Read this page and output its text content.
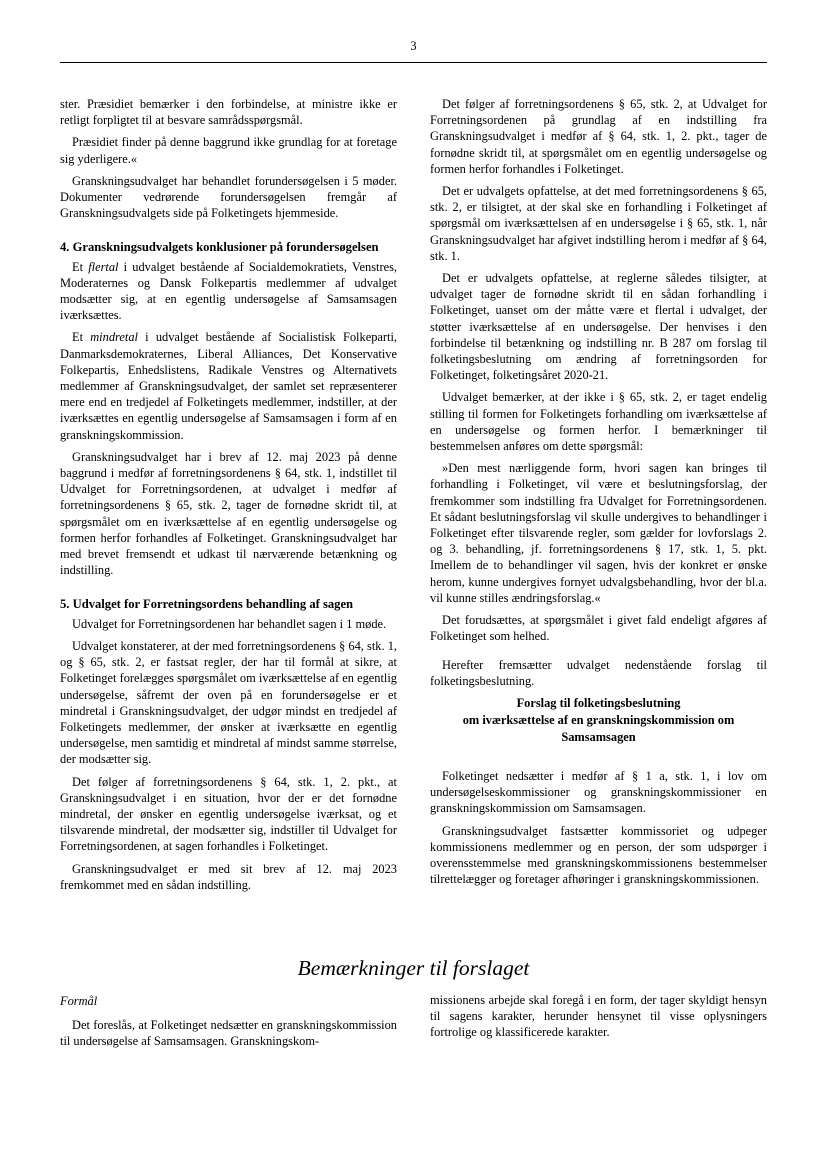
3

ster. Præsidiet bemærker i den forbindelse, at ministre ikke er retligt forpligtet til at besvare samrådsspørgsmål.

Præsidiet finder på denne baggrund ikke grundlag for at foretage sig yderligere.«

Granskningsudvalget har behandlet forundersøgelsen i 5 møder. Dokumenter vedrørende forundersøgelsen fremgår af Granskningsudvalgets side på Folketingets hjemmeside.

4. Granskningsudvalgets konklusioner på forundersøgelsen

Et flertal i udvalget bestående af Socialdemokratiets, Venstres, Moderaternes og Dansk Folkepartis medlemmer af udvalget modsætter sig, at en egentlig undersøgelse af Samsamsagen iværksættes.

Et mindretal i udvalget bestående af Socialistisk Folkeparti, Danmarksdemokraternes, Liberal Alliances, Det Konservative Folkepartis, Enhedslistens, Radikale Venstres og Alternativets medlemmer af Granskningsudvalget, der samlet set repræsenterer mere end en tredjedel af Folketingets medlemmer, indstiller, at der iværksættes en egentlig undersøgelse af Samsamsagen i form af en granskningskommission.

Granskningsudvalget har i brev af 12. maj 2023 på denne baggrund i medfør af forretningsordenens § 64, stk. 1, indstillet til Udvalget for Forretningsordenen, at udvalget i medfør af forretningsordenens § 65, stk. 2, tager de fornødne skridt til, at spørgsmålet om en iværksættelse af en egentlig undersøgelse og formen herfor forhandles af Folketinget. Granskningsudvalget har med brevet fremsendt et udkast til nærværende betænkning og indstilling.

5. Udvalget for Forretningsordens behandling af sagen

Udvalget for Forretningsordenen har behandlet sagen i 1 møde.

Udvalget konstaterer, at der med forretningsordenens § 64, stk. 1, og § 65, stk. 2, er fastsat regler, der har til formål at sikre, at Folketinget forelægges spørgsmålet om iværksættelse af en egentlig undersøgelse, såfremt der oven på en forundersøgelse er et mindretal i Granskningsudvalget, der udgør mindst en tredjedel af Folketingets medlemmer, der ønsker at iværksætte en egentlig undersøgelse, men samtidig et mindretal af mindst samme størrelse, der modsætter sig.

Det følger af forretningsordenens § 64, stk. 1, 2. pkt., at Granskningsudvalget i en situation, hvor der er det fornødne mindretal, der ønsker en egentlig undersøgelse iværksat, og et tilsvarende mindretal, der modsætter sig, indstiller til Udvalget for Forretningsordenen, at sagen forhandles i Folketinget.

Granskningsudvalget er med sit brev af 12. maj 2023 fremkommet med en sådan indstilling.

Det følger af forretningsordenens § 65, stk. 2, at Udvalget for Forretningsordenen på grundlag af en indstilling fra Granskningsudvalget i medfør af § 64, stk. 1, 2. pkt., tager de fornødne skridt til, at spørgsmålet om en egentlig undersøgelse og formen herfor forhandles i Folketinget.

Det er udvalgets opfattelse, at det med forretningsordenens § 65, stk. 2, er tilsigtet, at der skal ske en forhandling i Folketinget af spørgsmål om iværksættelsen af en undersøgelse i § 65, stk. 1, når Granskningsudvalget har afgivet indstilling herom i medfør af § 64, stk. 1.

Det er udvalgets opfattelse, at reglerne således tilsigter, at udvalget tager de fornødne skridt til en sådan forhandling i Folketinget, uanset om der måtte være et flertal i udvalget, der støtter iværksættelse af en undersøgelse. Der henvises i den forbindelse til betænkning og indstilling nr. B 287 om forslag til folketingsbeslutning om ændring af forretningsorden for Folketinget, folketingsåret 2020-21.

Udvalget bemærker, at der ikke i § 65, stk. 2, er taget endelig stilling til formen for Folketingets forhandling om iværksættelse af en undersøgelse og formen herfor. I bemærkninger til bestemmelsen anføres om dette spørgsmål:

»Den mest nærliggende form, hvori sagen kan bringes til forhandling i Folketinget, vil være et beslutningsforslag, der fremkommer som indstilling fra Udvalget for Forretningsordenen. Et sådant beslutningsforslag vil skulle undergives to behandlinger i Folketinget efter tilsvarende regler, som gælder for lovforslags 2. og 3. behandling, jf. forretningsordenens § 17, stk. 1, 5. pkt. Imellem de to behandlinger vil sagen, hvis der konkret er ønske herom, kunne undergives fornyet udvalgsbehandling, hvor der bl.a. vil kunne stilles ændringsforslag.«

Det forudsættes, at spørgsmålet i givet fald endeligt afgøres af Folketinget som helhed.

Herefter fremsætter udvalget nedenstående forslag til folketingsbeslutning.

Forslag til folketingsbeslutning
om iværksættelse af en granskningskommission om
Samsamsagen

Folketinget nedsætter i medfør af § 1 a, stk. 1, i lov om undersøgelseskommissioner og granskningskommissioner en granskningskommission om Samsamsagen.

Granskningsudvalget fastsætter kommissoriet og udpeger kommissionens medlemmer og en person, der som udspørger i overensstemmelse med granskningskommissionens bestemmelser tilrettelægger og foretager afhøringer i granskningskommissionen.

Bemærkninger til forslaget

Formål

Det foreslås, at Folketinget nedsætter en granskningskommission til undersøgelse af Samsamsagen. Granskningskom-

missionens arbejde skal foregå i en form, der tager skyldigt hensyn til sagens karakter, herunder hensynet til visse oplysningers fortrolige og klassificerede karakter.
